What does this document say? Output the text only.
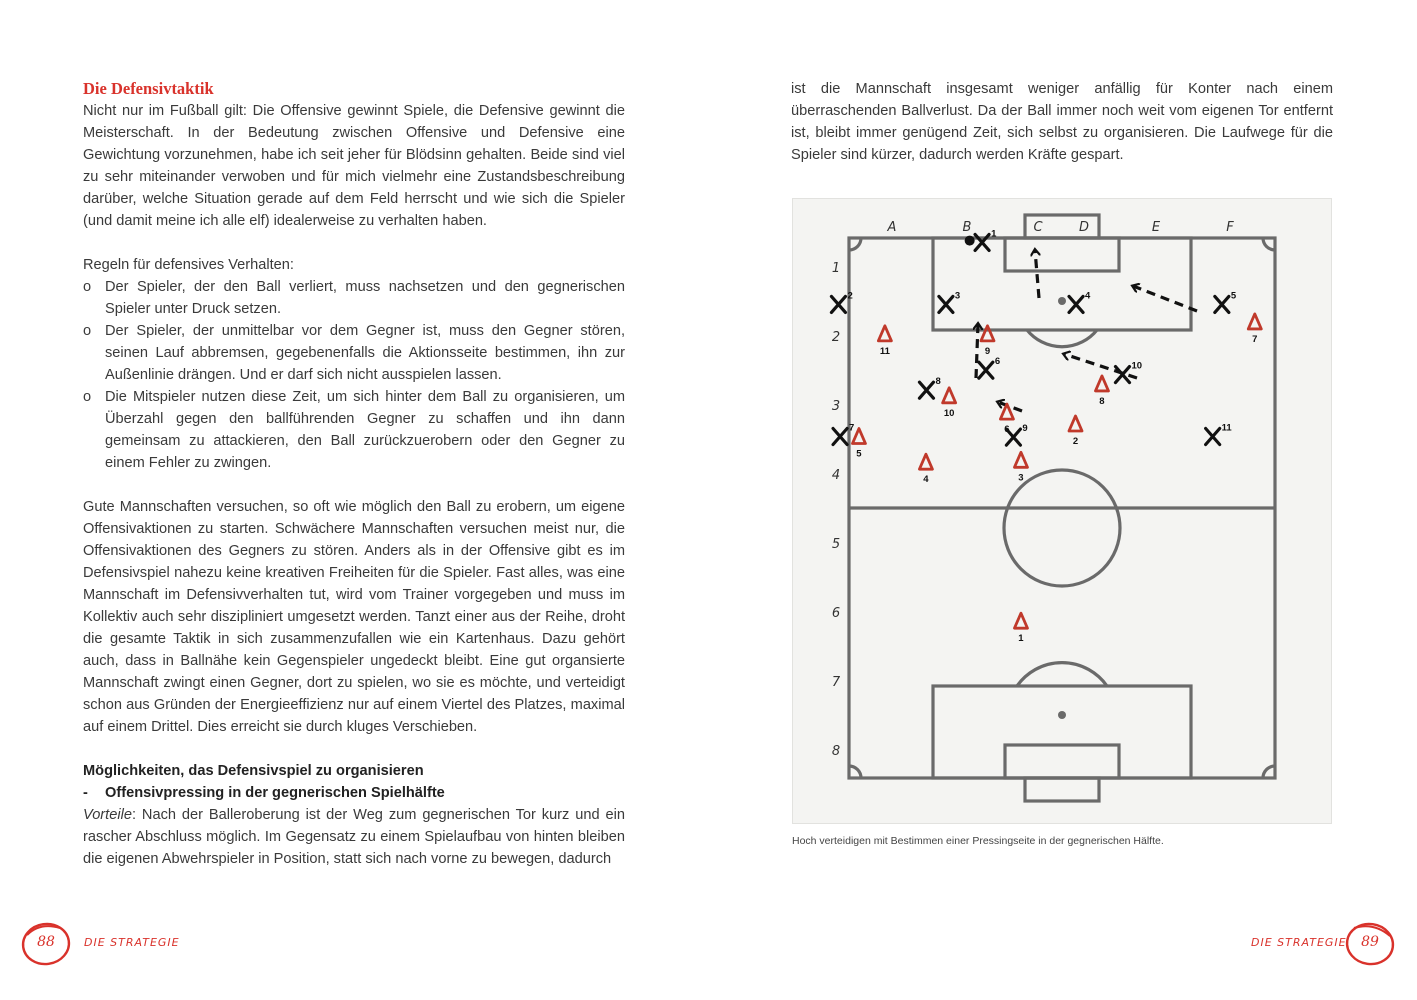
Die Defensivtaktik

Nicht nur im Fußball gilt: Die Offensive gewinnt Spiele, die Defensive gewinnt die Meisterschaft. In der Bedeutung zwischen Offensive und Defensive eine Gewichtung vorzunehmen, habe ich seit jeher für Blödsinn gehalten. Beide sind viel zu sehr miteinander verwoben und für mich vielmehr eine Zustandsbeschreibung darüber, welche Situation gerade auf dem Feld herrscht und wie sich die Spieler (und damit meine ich alle elf) idealerweise zu verhalten haben.

Regeln für defensives Verhalten:
o Der Spieler, der den Ball verliert, muss nachsetzen und den gegnerischen Spieler unter Druck setzen.
o Der Spieler, der unmittelbar vor dem Gegner ist, muss den Gegner stören, seinen Lauf abbremsen, gegebenenfalls die Aktionsseite bestimmen, ihn zur Außenlinie drängen. Und er darf sich nicht ausspielen lassen.
o Die Mitspieler nutzen diese Zeit, um sich hinter dem Ball zu organisieren, um Überzahl gegen den ballführenden Gegner zu schaffen und ihn dann gemeinsam zu attackieren, den Ball zurückzuerobern oder den Gegner zu einem Fehler zu zwingen.

Gute Mannschaften versuchen, so oft wie möglich den Ball zu erobern, um eigene Offensivaktionen zu starten. Schwächere Mannschaften versuchen meist nur, die Offensivaktionen des Gegners zu stören. Anders als in der Offensive gibt es im Defensivspiel nahezu keine kreativen Freiheiten für die Spieler. Fast alles, was eine Mannschaft im Defensivverhalten tut, wird vom Trainer vorgegeben und muss im Kollektiv auch sehr diszipliniert umgesetzt werden. Tanzt einer aus der Reihe, droht die gesamte Taktik in sich zusammenzufallen wie ein Kartenhaus. Dazu gehört auch, dass in Ballnähe kein Gegenspieler ungedeckt bleibt. Eine gut organsierte Mannschaft zwingt einen Gegner, dort zu spielen, wo sie es möchte, und verteidigt schon aus Gründen der Energieeffizienz nur auf einem Viertel des Platzes, maximal auf einem Drittel. Dies erreicht sie durch kluges Verschieben.

Möglichkeiten, das Defensivspiel zu organisieren
- Offensivpressing in der gegnerischen Spielhälfte

Vorteile: Nach der Balleroberung ist der Weg zum gegnerischen Tor kurz und ein rascher Abschluss möglich. Im Gegensatz zu einem Spielaufbau von hinten bleiben die eigenen Abwehrspieler in Position, statt sich nach vorne zu bewegen, dadurch

ist die Mannschaft insgesamt weniger anfällig für Konter nach einem überraschenden Ballverlust. Da der Ball immer noch weit vom eigenen Tor entfernt ist, bleibt immer genügend Zeit, sich selbst zu organisieren. Die Laufwege für die Spieler sind kürzer, dadurch werden Kräfte gespart.

A	B	C	D	E	F
1
2
3
4
5
6
7
8
1
2	3	4	5
6
8
10
7	9	11
1
2
3
4
5
6
7
8
9
10
11
Hoch verteidigen mit Bestimmen einer Pressingseite in der gegnerischen Hälfte.
88	DIE STRATEGIE	DIE STRATEGIE	89
